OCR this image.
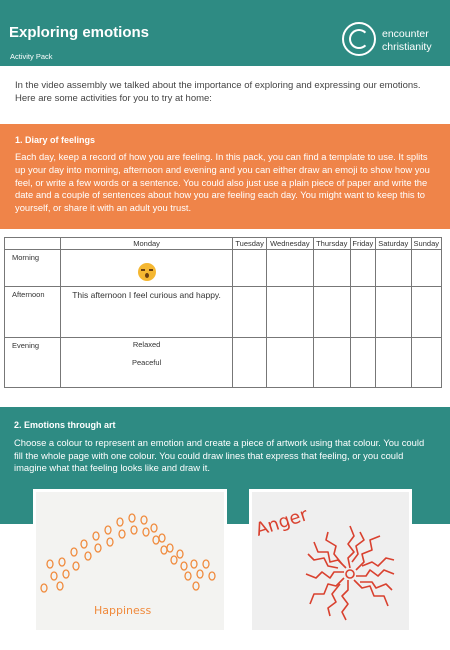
Exploring emotions
Activity Pack
encounter
christianity

In the video assembly we talked about the importance of exploring and expressing our emotions. Here are some activities for you to try at home:

1. Diary of feelings

Each day, keep a record of how you are feeling. In this pack, you can find a template to use. It splits up your day into morning, afternoon and evening and you can either draw an emoji to show how you feel, or write a few words or a sentence. You could also just use a plain piece of paper and write the date and a couple of sentences about how you are feeling each day. You might want to keep this to yourself, or share it with an adult you trust.

	Monday	Tuesday	Wednesday	Thursday	Friday	Saturday	Sunday
Morning	

Afternoon	This afternoon I feel curious and happy.						
Evening	Relaxed
Peaceful						

2. Emotions through art

Choose a colour to represent an emotion and create a piece of artwork using that colour. You could fill the whole page with one colour. You could draw lines that express that feeling, or you could imagine what that feeling looks like and draw it.

Happiness
Anger
